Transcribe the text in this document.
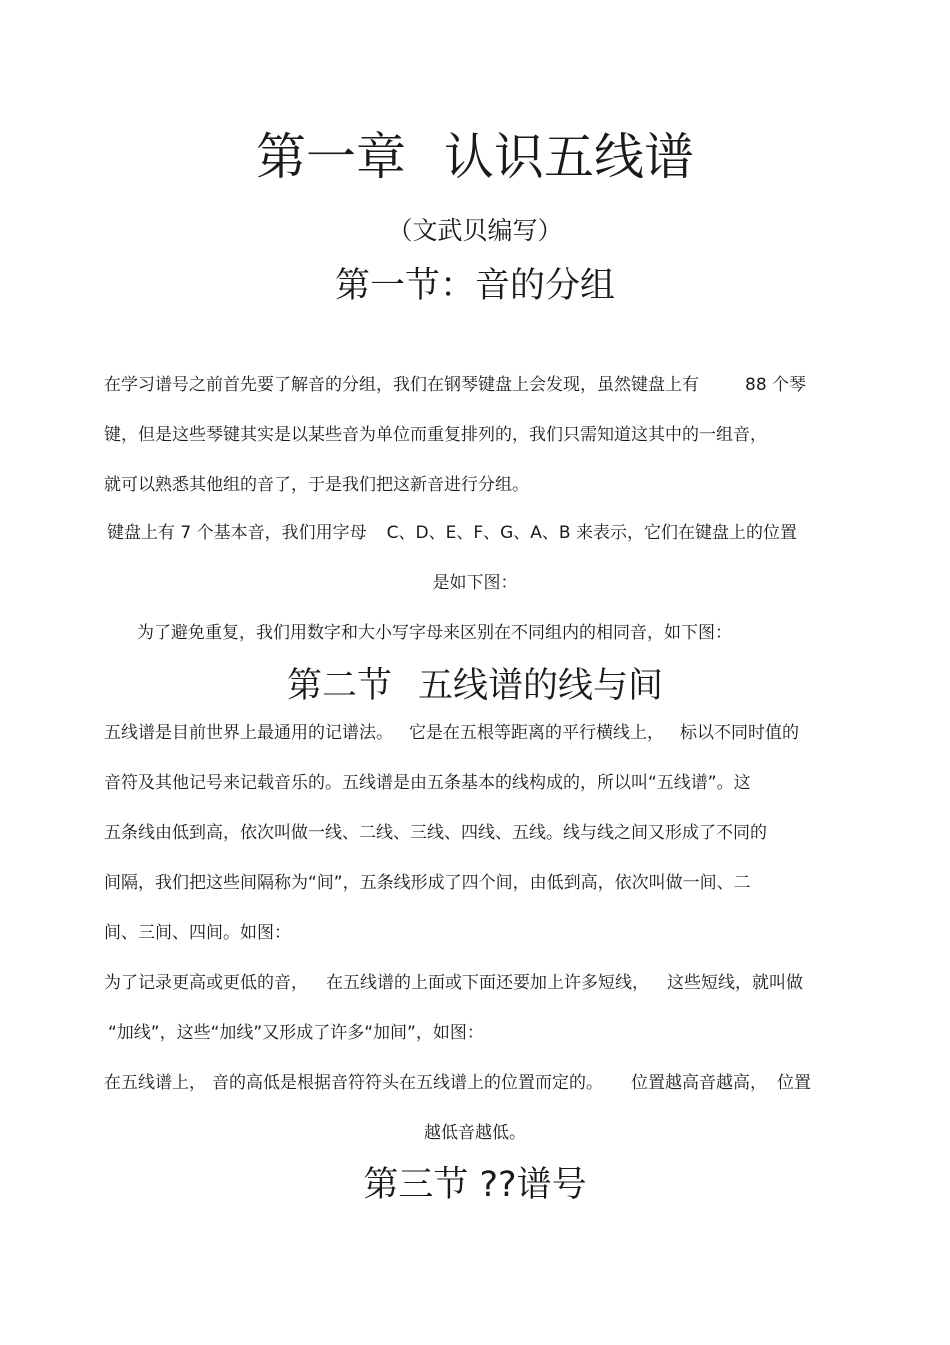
第一章 认识五线谱
（文武贝编写）
第一节：音的分组
在学习谱号之前首先要了解音的分组，我们在钢琴键盘上会发现，虽然键盘上有	88 个琴
键，但是这些琴键其实是以某些音为单位而重复排列的，我们只需知道这其中的一组音，
就可以熟悉其他组的音了，于是我们把这新音进行分组。
键盘上有 7 个基本音，我们用字母 C、D、E、F、G、A、B 来表示，它们在键盘上的位置
是如下图：
为了避免重复，我们用数字和大小写字母来区别在不同组内的相同音，如下图：
第二节 五线谱的线与间
五线谱是目前世界上最通用的记谱法。 它是在五根等距离的平行横线上， 标以不同时值的
音符及其他记号来记载音乐的。五线谱是由五条基本的线构成的，所以叫“五线谱”。这
五条线由低到高，依次叫做一线、二线、三线、四线、五线。线与线之间又形成了不同的
间隔，我们把这些间隔称为“间”，五条线形成了四个间，由低到高，依次叫做一间、二
间、三间、四间。如图：
为了记录更高或更低的音， 在五线谱的上面或下面还要加上许多短线， 这些短线，就叫做
“加线”，这些“加线”又形成了许多“加间”，如图：
在五线谱上， 音的高低是根据音符符头在五线谱上的位置而定的。 位置越高音越高， 位置
越低音越低。
第三节 ??谱号
